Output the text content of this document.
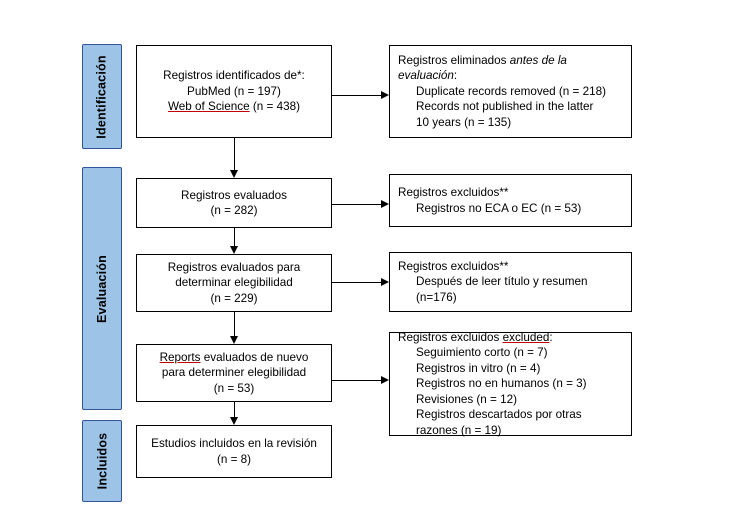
Identificación
Evaluación
Incluidos
Registros identificados de*:
PubMed (n = 197)
Web of Science (n = 438)
Registros eliminados antes de la
evaluación:
Duplicate records removed (n = 218)
Records not published in the latter
10 years (n = 135)
Registros evaluados
(n = 282)
Registros excluidos**
Registros no ECA o EC (n = 53)
Registros evaluados para
determinar elegibilidad
(n = 229)
Registros excluidos**
Después de leer título y resumen
(n=176)
Reports evaluados de nuevo
para determiner elegibilidad
(n = 53)
Registros excluidos excluded:
Seguimiento corto (n = 7)
Registros in vitro (n = 4)
Registros no en humanos (n = 3)
Revisiones (n = 12)
Registros descartados por otras
razones (n = 19)
Estudios incluidos en la revisión
(n = 8)
